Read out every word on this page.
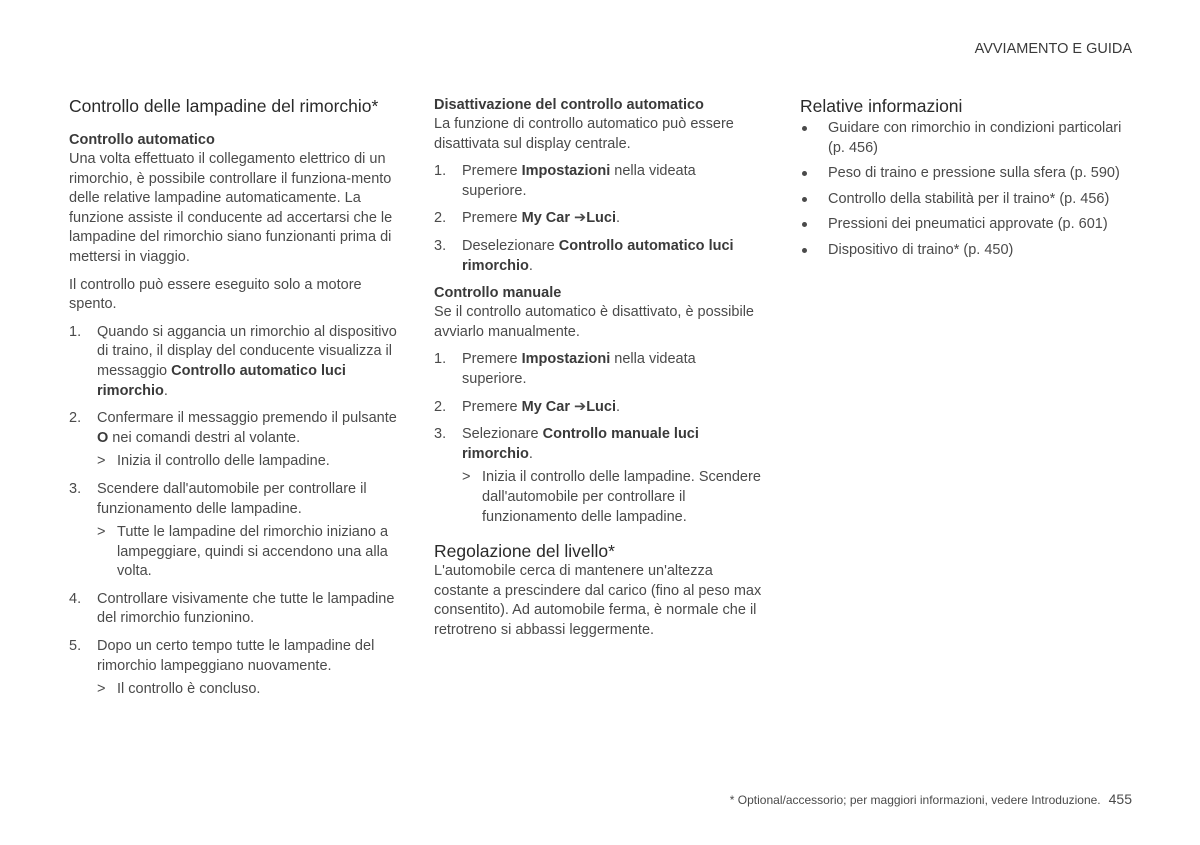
AVVIAMENTO E GUIDA
Controllo delle lampadine del rimorchio*
Controllo automatico

Una volta effettuato il collegamento elettrico di un rimorchio, è possibile controllare il funziona-mento delle relative lampadine automaticamente. La funzione assiste il conducente ad accertarsi che le lampadine del rimorchio siano funzionanti prima di mettersi in viaggio.

Il controllo può essere eseguito solo a motore spento.

1. Quando si aggancia un rimorchio al dispositivo di traino, il display del conducente visualizza il messaggio Controllo automatico luci rimorchio.
2. Confermare il messaggio premendo il pulsante O nei comandi destri al volante.
> Inizia il controllo delle lampadine.
3. Scendere dall'automobile per controllare il funzionamento delle lampadine.
> Tutte le lampadine del rimorchio iniziano a lampeggiare, quindi si accendono una alla volta.
4. Controllare visivamente che tutte le lampadine del rimorchio funzionino.
5. Dopo un certo tempo tutte le lampadine del rimorchio lampeggiano nuovamente.
> Il controllo è concluso.
Disattivazione del controllo automatico

La funzione di controllo automatico può essere disattivata sul display centrale.

1. Premere Impostazioni nella videata superiore.
2. Premere My Car ➔Luci.
3. Deselezionare Controllo automatico luci rimorchio.
Controllo manuale

Se il controllo automatico è disattivato, è possibile avviarlo manualmente.

1. Premere Impostazioni nella videata superiore.
2. Premere My Car ➔Luci.
3. Selezionare Controllo manuale luci rimorchio.
> Inizia il controllo delle lampadine. Scendere dall'automobile per controllare il funzionamento delle lampadine.
Regolazione del livello*

L'automobile cerca di mantenere un'altezza costante a prescindere dal carico (fino al peso max consentito). Ad automobile ferma, è normale che il retrotreno si abbassi leggermente.

Relative informazioni
Guidare con rimorchio in condizioni particolari (p. 456)
Peso di traino e pressione sulla sfera (p. 590)
Controllo della stabilità per il traino* (p. 456)
Pressioni dei pneumatici approvate (p. 601)
Dispositivo di traino* (p. 450)
* Optional/accessorio; per maggiori informazioni, vedere Introduzione. 455
